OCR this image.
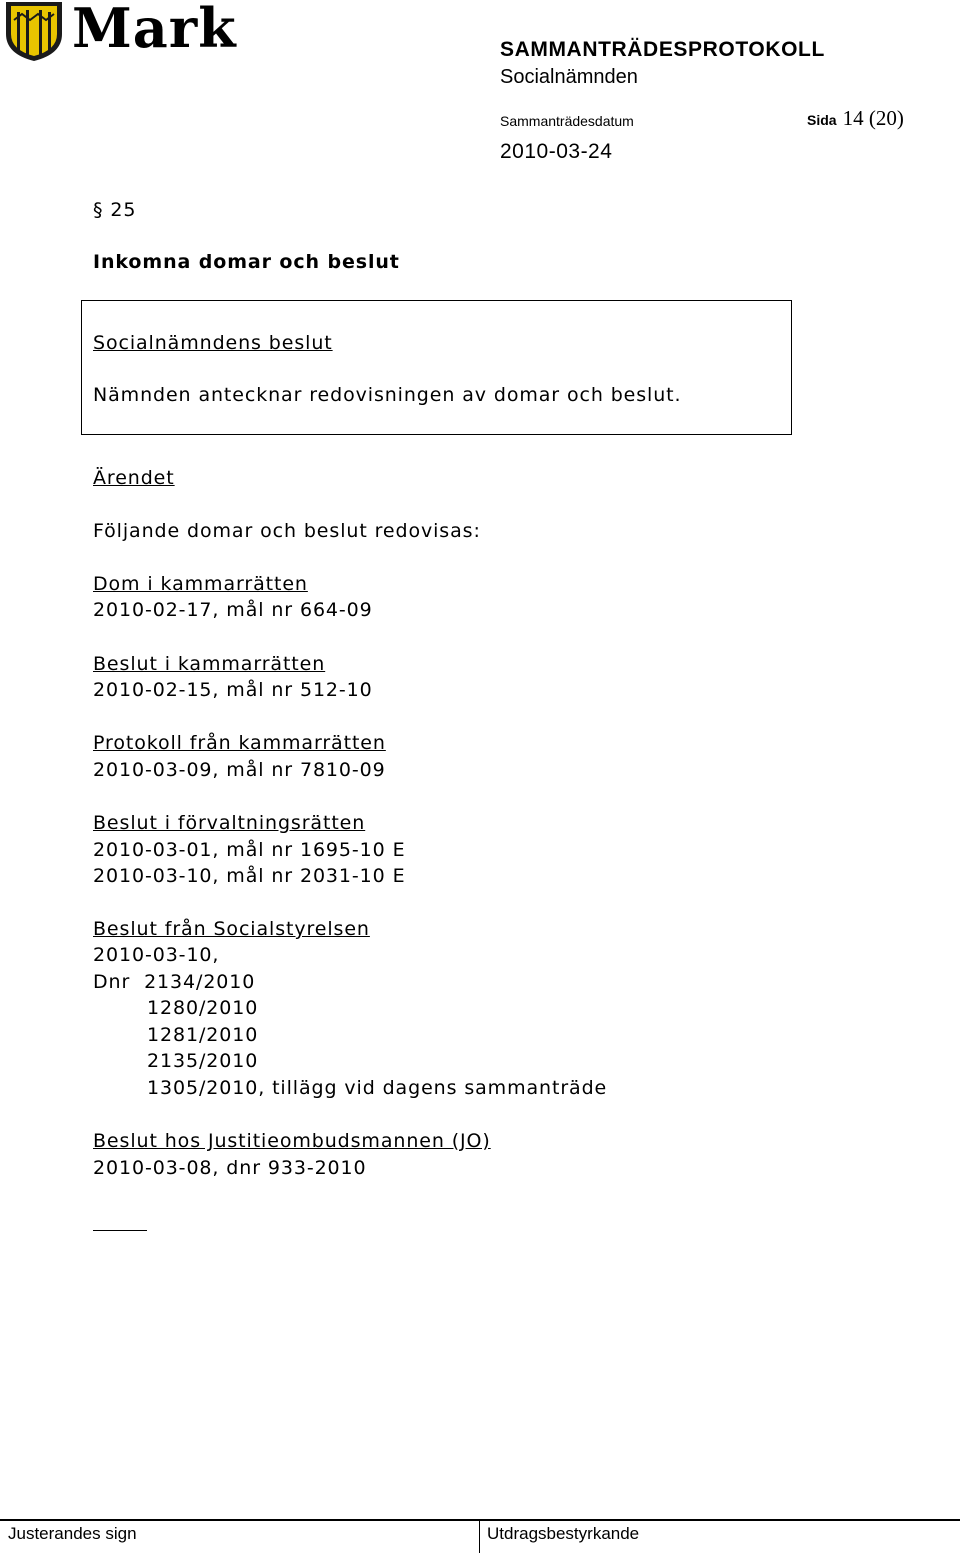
Mark	SAMMANTRÄDESPROTOKOLL
Socialnämnden
Sammanträdesdatum	Sida 14 (20)
2010-03-24
§ 25
Inkomna domar och beslut
Socialnämndens beslut
Nämnden antecknar redovisningen av domar och beslut.
Ärendet
Följande domar och beslut redovisas:
Dom i kammarrätten
2010-02-17, mål nr 664-09
Beslut i kammarrätten
2010-02-15, mål nr 512-10
Protokoll från kammarrätten
2010-03-09, mål nr 7810-09
Beslut i förvaltningsrätten
2010-03-01, mål nr 1695-10 E
2010-03-10, mål nr 2031-10 E
Beslut från Socialstyrelsen
2010-03-10,
Dnr  2134/2010
1280/2010
1281/2010
2135/2010
1305/2010, tillägg vid dagens sammanträde
Beslut hos Justitieombudsmannen (JO)
2010-03-08, dnr 933-2010
Justerandes sign	Utdragsbestyrkande
